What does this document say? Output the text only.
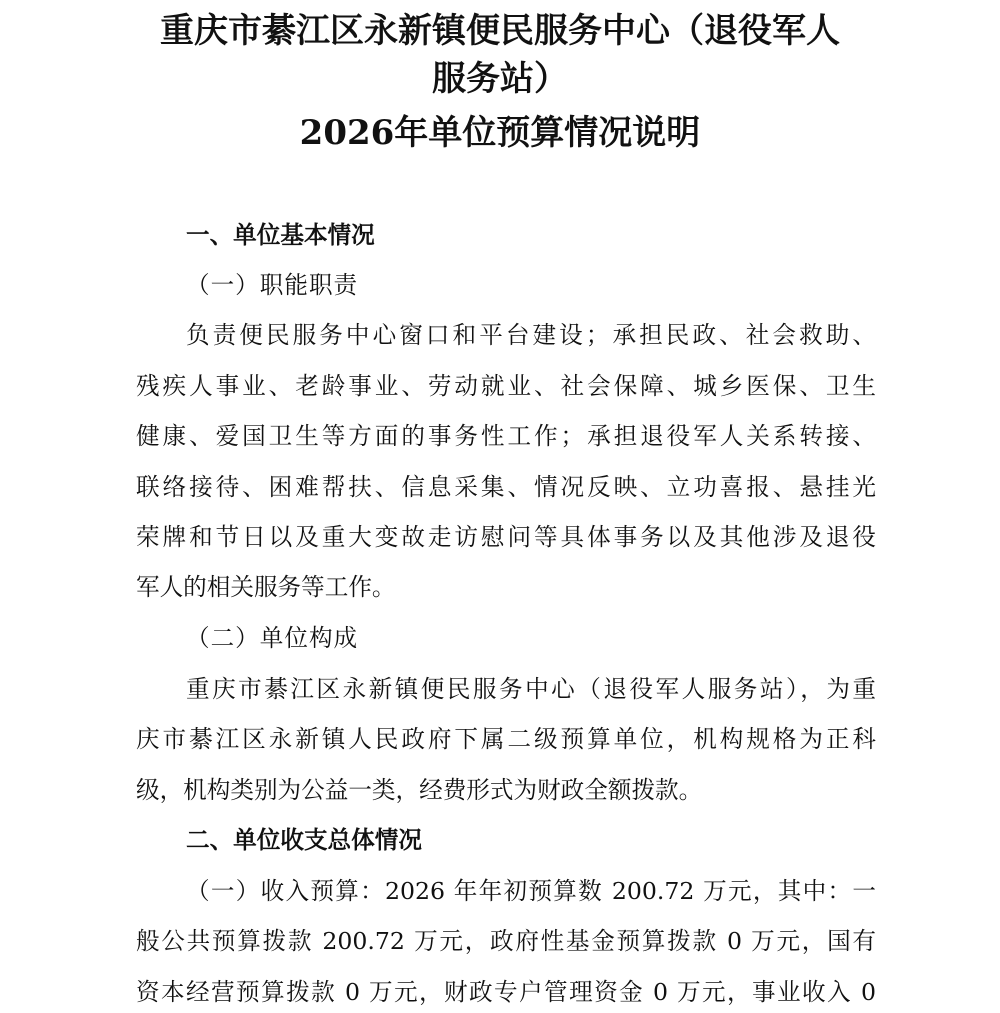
重庆市綦江区永新镇便民服务中心（退役军人
服务站）
2026年单位预算情况说明
一、单位基本情况
（一）职能职责
负责便民服务中心窗口和平台建设；承担民政、社会救助、
残疾人事业、老龄事业、劳动就业、社会保障、城乡医保、卫生
健康、爱国卫生等方面的事务性工作；承担退役军人关系转接、
联络接待、困难帮扶、信息采集、情况反映、立功喜报、悬挂光
荣牌和节日以及重大变故走访慰问等具体事务以及其他涉及退役
军人的相关服务等工作。
（二）单位构成
重庆市綦江区永新镇便民服务中心（退役军人服务站），为重
庆市綦江区永新镇人民政府下属二级预算单位，机构规格为正科
级，机构类别为公益一类，经费形式为财政全额拨款。
二、单位收支总体情况
（一）收入预算：2026 年年初预算数 200.72 万元，其中：一
般公共预算拨款 200.72 万元，政府性基金预算拨款 0 万元，国有
资本经营预算拨款 0 万元，财政专户管理资金 0 万元，事业收入 0
